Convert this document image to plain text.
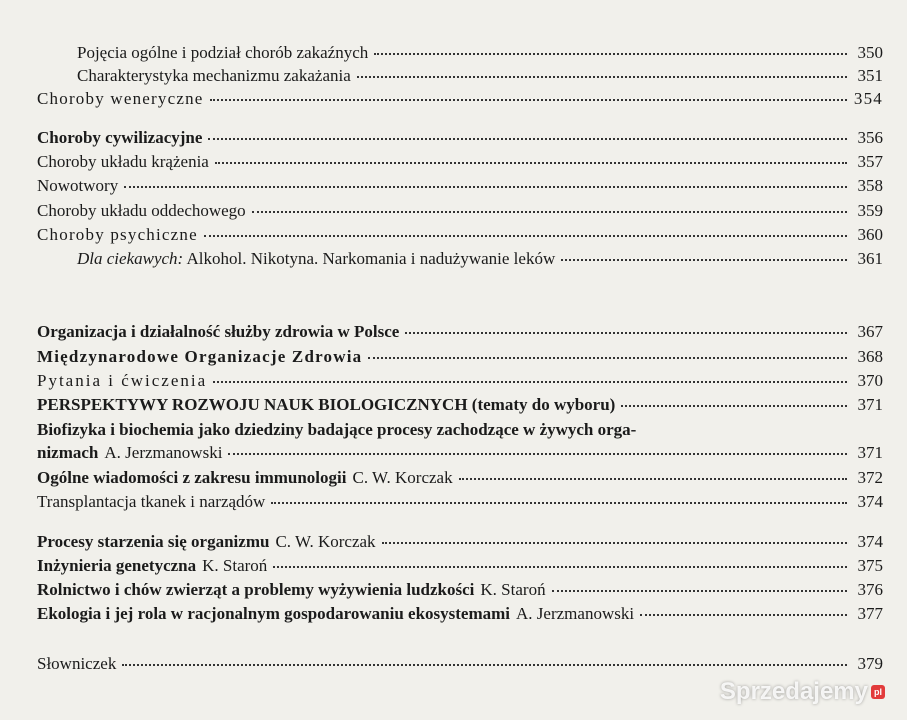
Pojęcia ogólne i podział chorób zakaźnych	350
Charakterystyka mechanizmu zakażania	351
Choroby weneryczne	354
Choroby cywilizacyjne	356
Choroby układu krążenia	357
Nowotwory	358
Choroby układu oddechowego	359
Choroby psychiczne	360
Dla ciekawych: Alkohol. Nikotyna. Narkomania i nadużywanie leków	361
Organizacja i działalność służby zdrowia w Polsce	367
Międzynarodowe Organizacje Zdrowia	368
Pytania i ćwiczenia	370
PERSPEKTYWY ROZWOJU NAUK BIOLOGICZNYCH (tematy do wyboru)	371
Biofizyka i biochemia jako dziedziny badające procesy zachodzące w żywych orga-
nizmach A. Jerzmanowski	371
Ogólne wiadomości z zakresu immunologii C. W. Korczak	372
Transplantacja tkanek i narządów	374
Procesy starzenia się organizmu C. W. Korczak	374
Inżynieria genetyczna K. Staroń	375
Rolnictwo i chów zwierząt a problemy wyżywienia ludzkości K. Staroń	376
Ekologia i jej rola w racjonalnym gospodarowaniu ekosystemami A. Jerzmanowski	377
Słowniczek	379
Sprzedajemy pl
